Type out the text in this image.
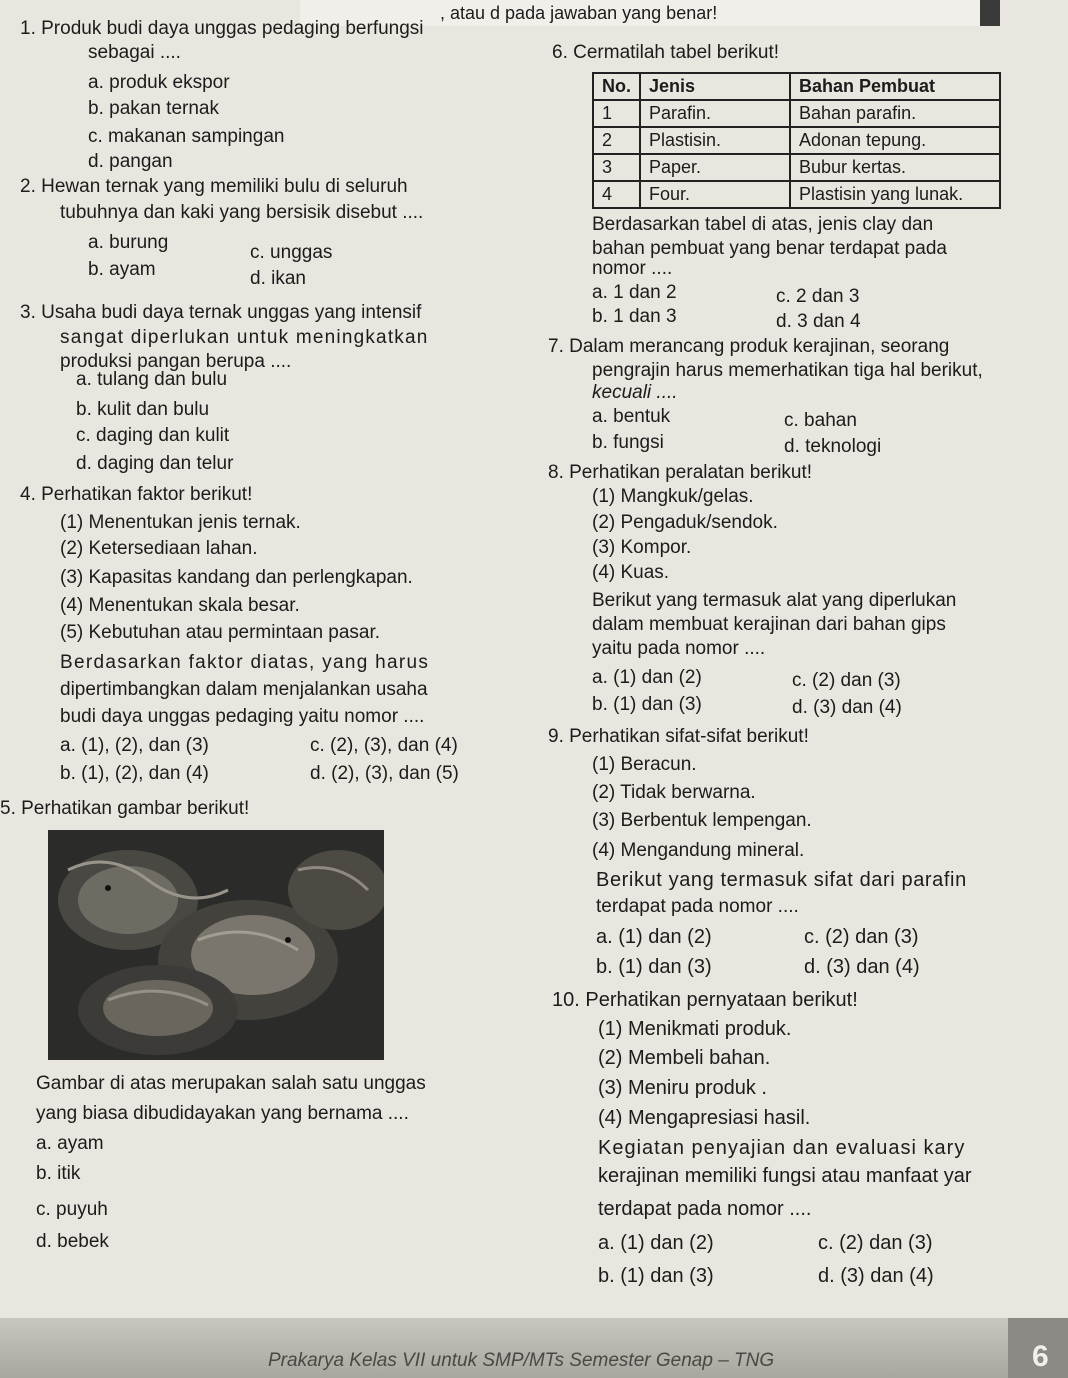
, atau d pada jawaban yang benar!
1. Produk budi daya unggas pedaging berfungsi
sebagai ....
a. produk ekspor
b. pakan ternak
c. makanan sampingan
d. pangan
2. Hewan ternak yang memiliki bulu di seluruh
tubuhnya dan kaki yang bersisik disebut ....
a. burung	c. unggas
b. ayam	d. ikan
3. Usaha budi daya ternak unggas yang intensif
sangat diperlukan untuk meningkatkan
produksi pangan berupa ....
a. tulang dan bulu
b. kulit dan bulu
c. daging dan kulit
d. daging dan telur
4. Perhatikan faktor berikut!
(1) Menentukan jenis ternak.
(2) Ketersediaan lahan.
(3) Kapasitas kandang dan perlengkapan.
(4) Menentukan skala besar.
(5) Kebutuhan atau permintaan pasar.
Berdasarkan faktor diatas, yang harus
dipertimbangkan dalam menjalankan usaha
budi daya unggas pedaging yaitu nomor ....
a. (1), (2), dan (3)	c. (2), (3), dan (4)
b. (1), (2), dan (4)	d. (2), (3), dan (5)
5. Perhatikan gambar berikut!
Gambar di atas merupakan salah satu unggas
yang biasa dibudidayakan yang bernama ....
a. ayam
b. itik
c. puyuh
d. bebek
6. Cermatilah tabel berikut!
No.	Jenis	Bahan Pembuat
1	Parafin.	Bahan parafin.
2	Plastisin.	Adonan tepung.
3	Paper.	Bubur kertas.
4	Four.	Plastisin yang lunak.
Berdasarkan tabel di atas, jenis clay dan
bahan pembuat yang benar terdapat pada
nomor ....
a. 1 dan 2	c. 2 dan 3
b. 1 dan 3	d. 3 dan 4
7. Dalam merancang produk kerajinan, seorang
pengrajin harus memerhatikan tiga hal berikut,
kecuali ....
a. bentuk	c. bahan
b. fungsi	d. teknologi
8. Perhatikan peralatan berikut!
(1) Mangkuk/gelas.
(2) Pengaduk/sendok.
(3) Kompor.
(4) Kuas.
Berikut yang termasuk alat yang diperlukan
dalam membuat kerajinan dari bahan gips
yaitu pada nomor ....
a. (1) dan (2)	c. (2) dan (3)
b. (1) dan (3)	d. (3) dan (4)
9. Perhatikan sifat-sifat berikut!
(1) Beracun.
(2) Tidak berwarna.
(3) Berbentuk lempengan.
(4) Mengandung mineral.
Berikut yang termasuk sifat dari parafin
terdapat pada nomor ....
a. (1) dan (2)	c. (2) dan (3)
b. (1) dan (3)	d. (3) dan (4)
10. Perhatikan pernyataan berikut!
(1) Menikmati produk.
(2) Membeli bahan.
(3) Meniru produk .
(4) Mengapresiasi hasil.
Kegiatan penyajian dan evaluasi kary
kerajinan memiliki fungsi atau manfaat yar
terdapat pada nomor ....
a. (1) dan (2)	c. (2) dan (3)
b. (1) dan (3)	d. (3) dan (4)
Prakarya Kelas VII untuk SMP/MTs Semester Genap – TNG	6
